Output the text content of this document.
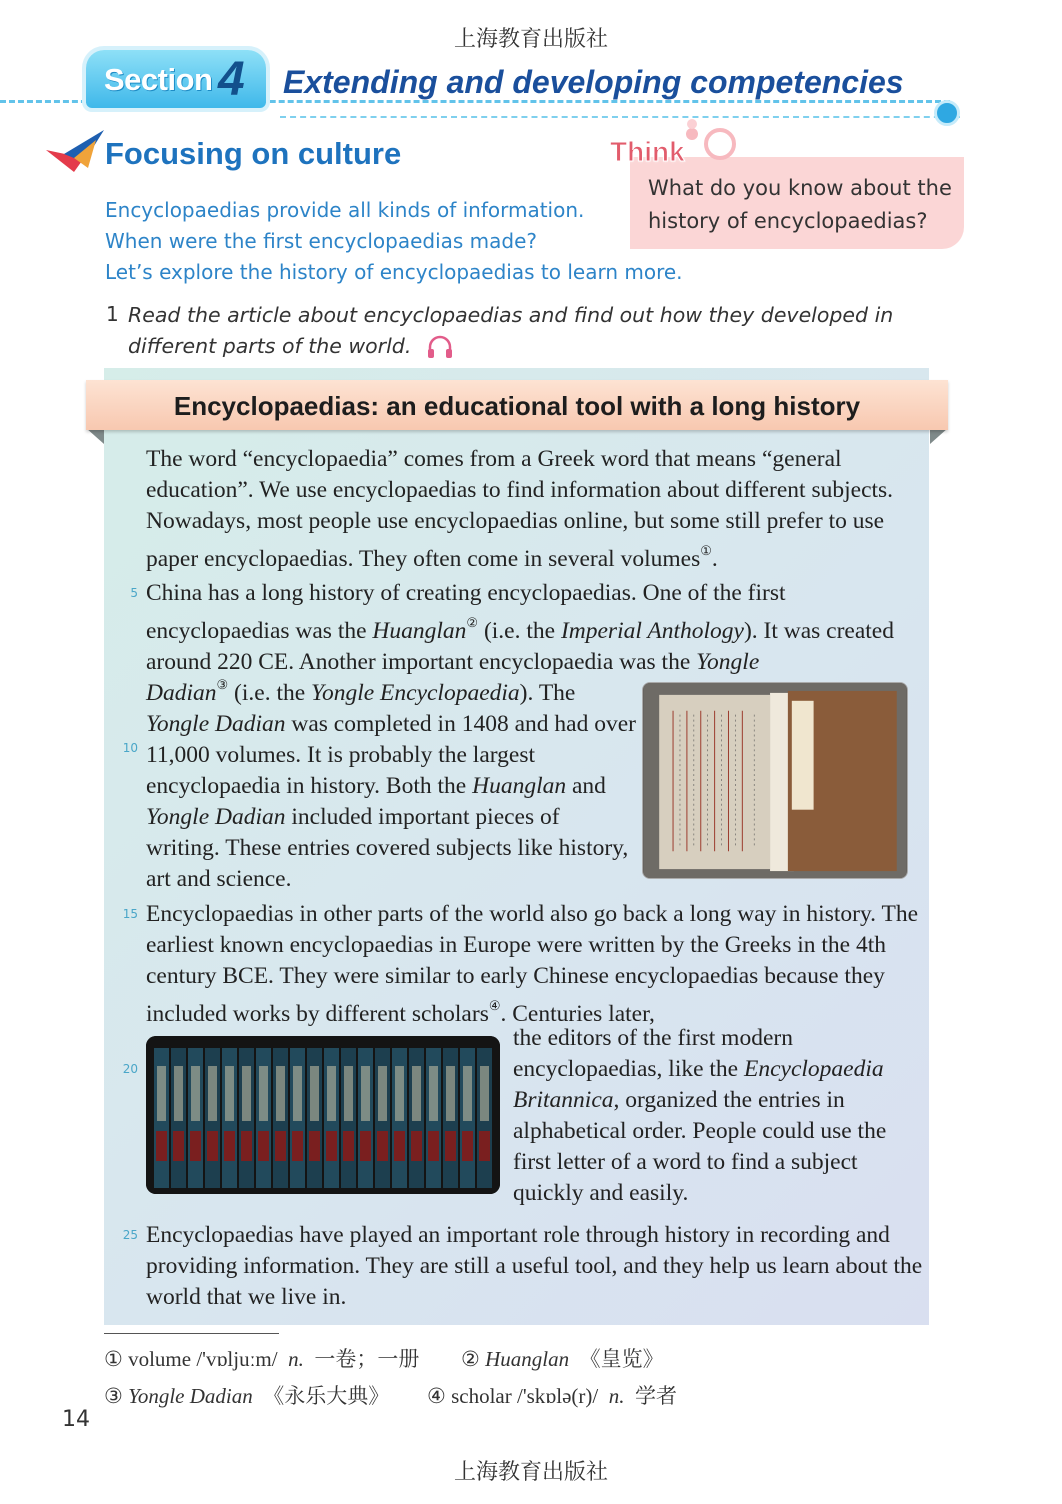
上海教育出版社
Section 4 Extending and developing competencies
Focusing on culture
Encyclopaedias provide all kinds of information.
When were the first encyclopaedias made?
Let’s explore the history of encyclopaedias to learn more.
Think
What do you know about the history of encyclopaedias?
1 Read the article about encyclopaedias and find out how they developed in different parts of the world.
Encyclopaedias: an educational tool with a long history
The word “encyclopaedia” comes from a Greek word that means “general education”. We use encyclopaedias to find information about different subjects. Nowadays, most people use encyclopaedias online, but some still prefer to use paper encyclopaedias. They often come in several volumes①.
China has a long history of creating encyclopaedias. One of the first encyclopaedias was the Huanglan② (i.e. the Imperial Anthology). It was created around 220 CE. Another important encyclopaedia was the Yongle
Dadian③ (i.e. the Yongle Encyclopaedia). The Yongle Dadian was completed in 1408 and had over 11,000 volumes. It is probably the largest encyclopaedia in history. Both the Huanglan and Yongle Dadian included important pieces of writing. These entries covered subjects like history, art and science.
Encyclopaedias in other parts of the world also go back a long way in history. The earliest known encyclopaedias in Europe were written by the Greeks in the 4th century BCE. They were similar to early Chinese encyclopaedias because they included works by different scholars④. Centuries later,
the editors of the first modern encyclopaedias, like the Encyclopaedia Britannica, organized the entries in alphabetical order. People could use the first letter of a word to find a subject quickly and easily.
Encyclopaedias have played an important role through history in recording and providing information. They are still a useful tool, and they help us learn about the world that we live in.
5
10
15
20
25
① volume /'vɒljuːm/ n. 一卷；一册 ② Huanglan 《皇览》
③ Yongle Dadian 《永乐大典》 ④ scholar /'skɒlə(r)/ n. 学者
14
上海教育出版社
